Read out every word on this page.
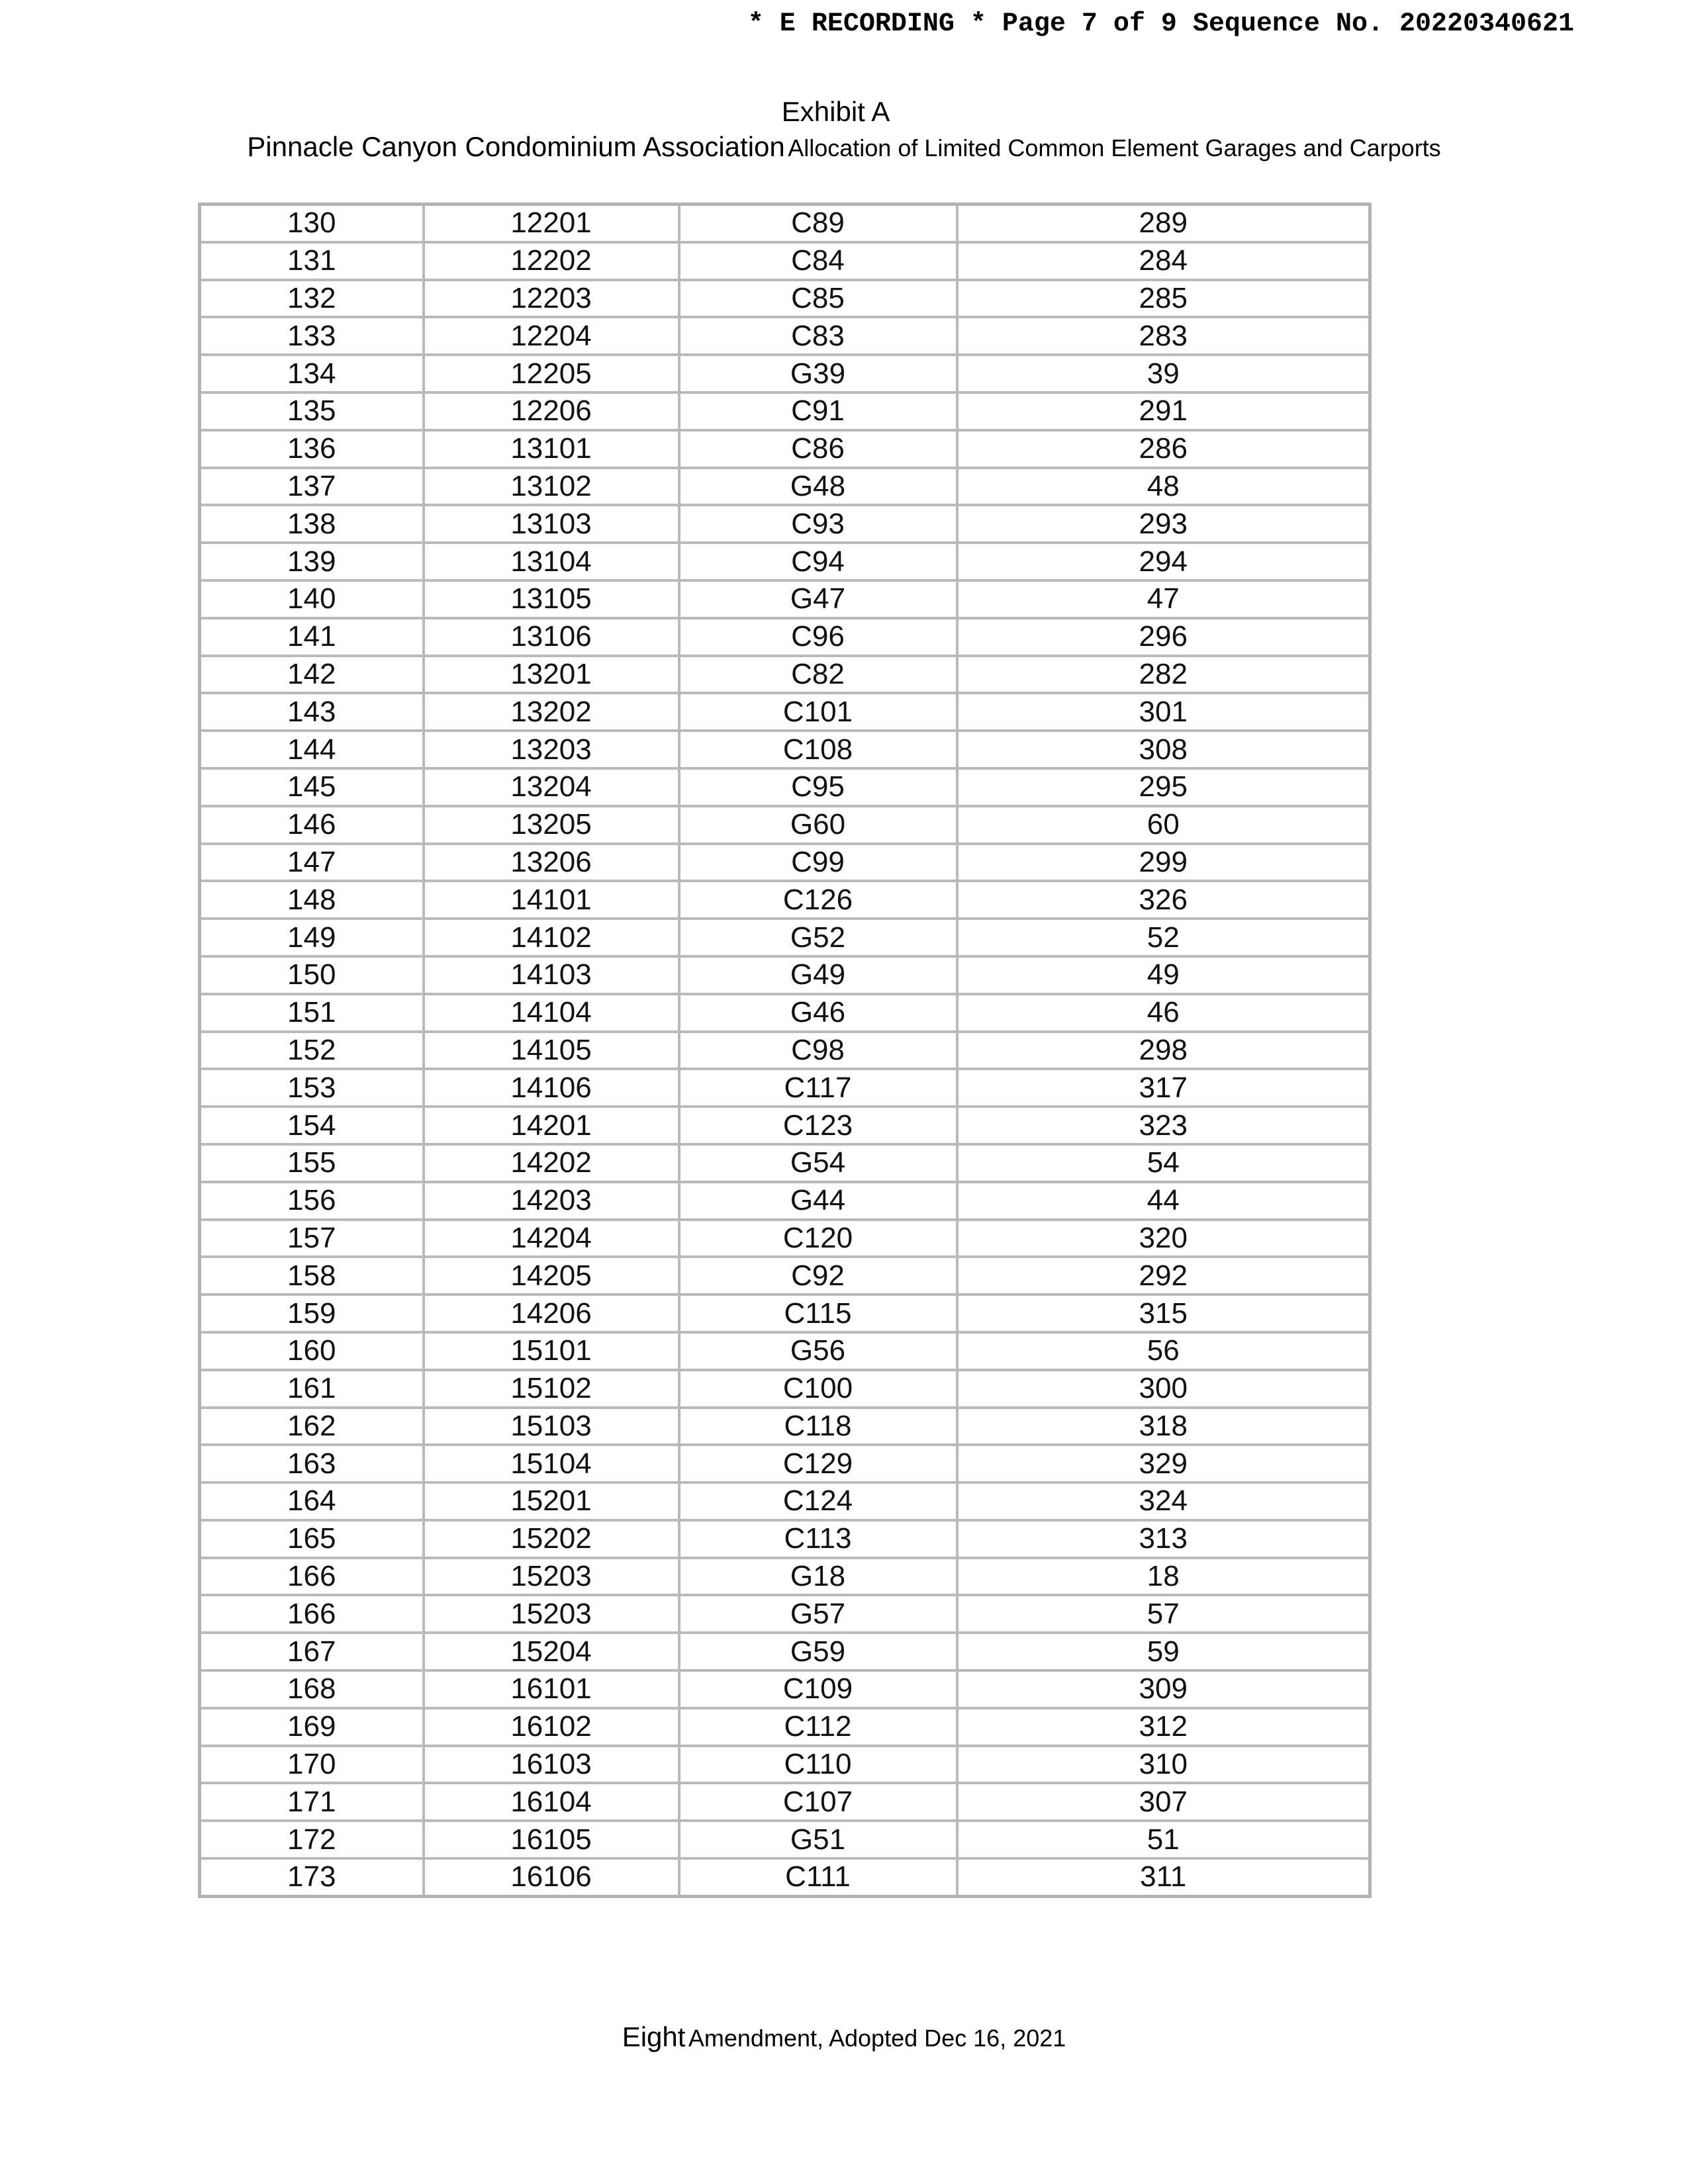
* E RECORDING * Page 7 of 9 Sequence No. 20220340621
Exhibit A
Pinnacle Canyon Condominium Association Allocation of Limited Common Element Garages and Carports
130	12201	C89	289
131	12202	C84	284
132	12203	C85	285
133	12204	C83	283
134	12205	G39	39
135	12206	C91	291
136	13101	C86	286
137	13102	G48	48
138	13103	C93	293
139	13104	C94	294
140	13105	G47	47
141	13106	C96	296
142	13201	C82	282
143	13202	C101	301
144	13203	C108	308
145	13204	C95	295
146	13205	G60	60
147	13206	C99	299
148	14101	C126	326
149	14102	G52	52
150	14103	G49	49
151	14104	G46	46
152	14105	C98	298
153	14106	C117	317
154	14201	C123	323
155	14202	G54	54
156	14203	G44	44
157	14204	C120	320
158	14205	C92	292
159	14206	C115	315
160	15101	G56	56
161	15102	C100	300
162	15103	C118	318
163	15104	C129	329
164	15201	C124	324
165	15202	C113	313
166	15203	G18	18
166	15203	G57	57
167	15204	G59	59
168	16101	C109	309
169	16102	C112	312
170	16103	C110	310
171	16104	C107	307
172	16105	G51	51
173	16106	C111	311
Eight Amendment, Adopted Dec 16, 2021
